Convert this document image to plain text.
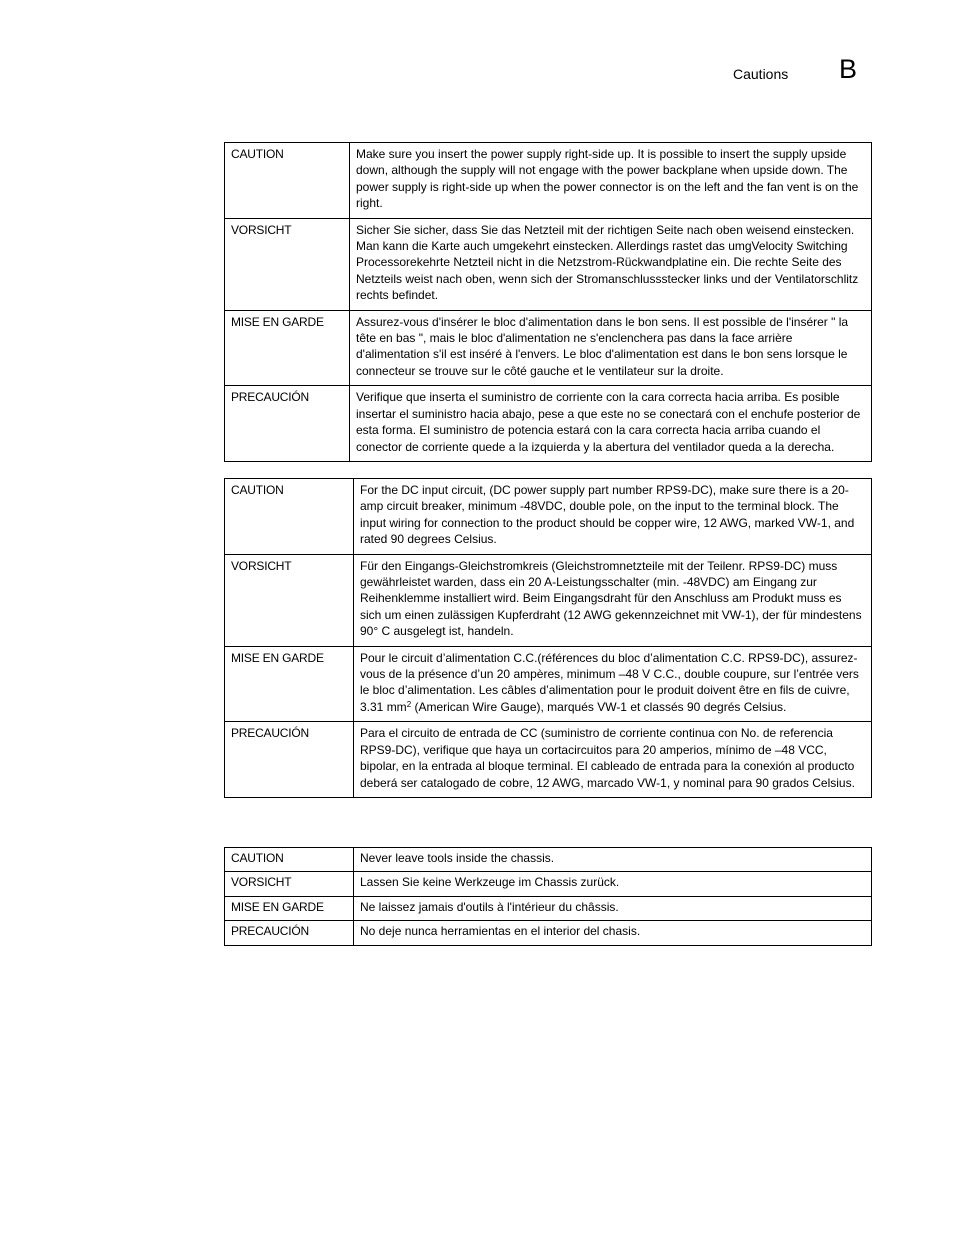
Cautions B
CAUTION	Make sure you insert the power supply right-side up. It is possible to insert the supply upside down, although the supply will not engage with the power backplane when upside down. The power supply is right-side up when the power connector is on the left and the fan vent is on the right.
VORSICHT	Sicher Sie sicher, dass Sie das Netzteil mit der richtigen Seite nach oben weisend einstecken. Man kann die Karte auch umgekehrt einstecken. Allerdings rastet das umgVelocity Switching Processorekehrte Netzteil nicht in die Netzstrom-Rückwandplatine ein. Die rechte Seite des Netzteils weist nach oben, wenn sich der Stromanschlussstecker links und der Ventilatorschlitz rechts befindet.
MISE EN GARDE	Assurez-vous d'insérer le bloc d'alimentation dans le bon sens. Il est possible de l'insérer " la tête en bas ", mais le bloc d'alimentation ne s'enclenchera pas dans la face arrière d'alimentation s'il est inséré à l'envers. Le bloc d'alimentation est dans le bon sens lorsque le connecteur se trouve sur le côté gauche et le ventilateur sur la droite.
PRECAUCIÓN	Verifique que inserta el suministro de corriente con la cara correcta hacia arriba. Es posible insertar el suministro hacia abajo, pese a que este no se conectará con el enchufe posterior de esta forma. El suministro de potencia estará con la cara correcta hacia arriba cuando el conector de corriente quede a la izquierda y la abertura del ventilador queda a la derecha.
CAUTION	For the DC input circuit, (DC power supply part number RPS9-DC), make sure there is a 20-amp circuit breaker, minimum -48VDC, double pole, on the input to the terminal block. The input wiring for connection to the product should be copper wire, 12 AWG, marked VW-1, and rated 90 degrees Celsius.
VORSICHT	Für den Eingangs-Gleichstromkreis (Gleichstromnetzteile mit der Teilenr. RPS9-DC) muss gewährleistet warden, dass ein 20 A-Leistungsschalter (min. -48VDC) am Eingang zur Reihenklemme installiert wird. Beim Eingangsdraht für den Anschluss am Produkt muss es sich um einen zulässigen Kupferdraht (12 AWG gekennzeichnet mit VW-1), der für mindestens 90° C ausgelegt ist, handeln.
MISE EN GARDE	Pour le circuit d’alimentation C.C.(références du bloc d’alimentation C.C. RPS9-DC), assurez-vous de la présence d’un 20 ampères, minimum –48 V C.C., double coupure, sur l’entrée vers le bloc d’alimentation. Les câbles d’alimentation pour le produit doivent être en fils de cuivre, 3.31 $mm^2$ (American Wire Gauge), marqués VW-1 et classés 90 degrés Celsius.
PRECAUCIÓN	Para el circuito de entrada de CC (suministro de corriente continua con No. de referencia RPS9-DC), verifique que haya un cortacircuitos para 20 amperios, mínimo de –48 VCC, bipolar, en la entrada al bloque terminal. El cableado de entrada para la conexión al producto deberá ser catalogado de cobre, 12 AWG, marcado VW-1, y nominal para 90 grados Celsius.
CAUTION	Never leave tools inside the chassis.
VORSICHT	Lassen Sie keine Werkzeuge im Chassis zurück.
MISE EN GARDE	Ne laissez jamais d'outils à l'intérieur du châssis.
PRECAUCIÓN	No deje nunca herramientas en el interior del chasis.
